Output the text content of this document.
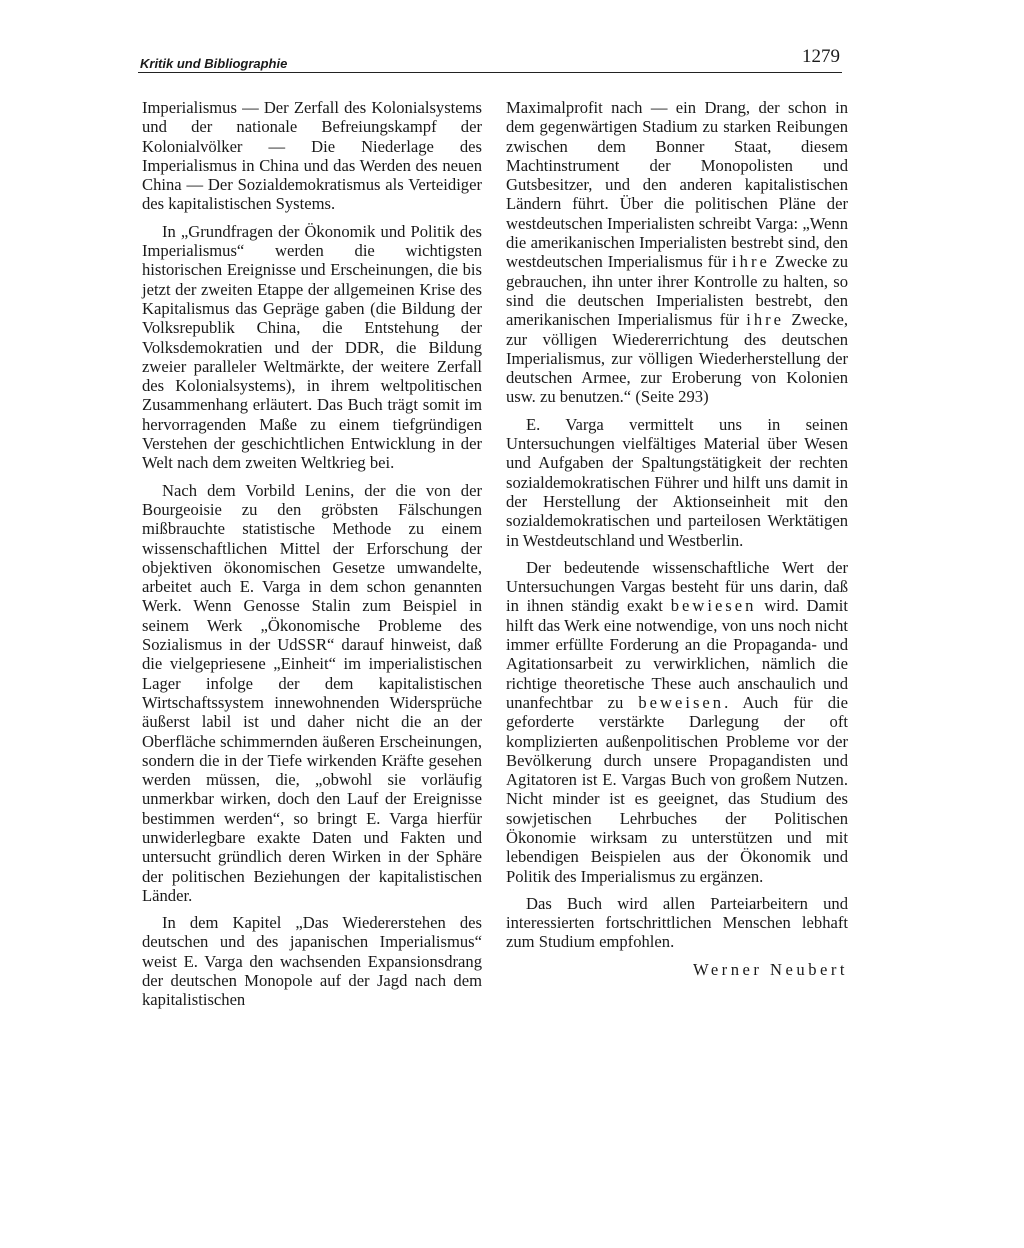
Kritik und Bibliographie	1279

Imperialismus — Der Zerfall des Kolonialsystems und der nationale Befreiungskampf der Kolonialvölker — Die Niederlage des Imperialismus in China und das Werden des neuen China — Der Sozialdemokratismus als Verteidiger des kapitalistischen Systems.

In „Grundfragen der Ökonomik und Politik des Imperialismus“ werden die wichtigsten historischen Ereignisse und Erscheinungen, die bis jetzt der zweiten Etappe der allgemeinen Krise des Kapitalismus das Gepräge gaben (die Bildung der Volksrepublik China, die Entstehung der Volksdemokratien und der DDR, die Bildung zweier paralleler Weltmärkte, der weitere Zerfall des Kolonialsystems), in ihrem weltpolitischen Zusammenhang erläutert. Das Buch trägt somit im hervorragenden Maße zu einem tiefgründigen Verstehen der geschichtlichen Entwicklung in der Welt nach dem zweiten Weltkrieg bei.

Nach dem Vorbild Lenins, der die von der Bourgeoisie zu den gröbsten Fälschungen mißbrauchte statistische Methode zu einem wissenschaftlichen Mittel der Erforschung der objektiven ökonomischen Gesetze umwandelte, arbeitet auch E. Varga in dem schon genannten Werk. Wenn Genosse Stalin zum Beispiel in seinem Werk „Ökonomische Probleme des Sozialismus in der UdSSR“ darauf hinweist, daß die vielgepriesene „Einheit“ im imperialistischen Lager infolge der dem kapitalistischen Wirtschaftssystem innewohnenden Widersprüche äußerst labil ist und daher nicht die an der Oberfläche schimmernden äußeren Erscheinungen, sondern die in der Tiefe wirkenden Kräfte gesehen werden müssen, die, „obwohl sie vorläufig unmerkbar wirken, doch den Lauf der Ereignisse bestimmen werden“, so bringt E. Varga hierfür unwiderlegbare exakte Daten und Fakten und untersucht gründlich deren Wirken in der Sphäre der politischen Beziehungen der kapitalistischen Länder.

In dem Kapitel „Das Wiedererstehen des deutschen und des japanischen Imperialismus“ weist E. Varga den wachsenden Expansionsdrang der deutschen Monopole auf der Jagd nach dem kapitalistischen

Maximalprofit nach — ein Drang, der schon in dem gegenwärtigen Stadium zu starken Reibungen zwischen dem Bonner Staat, diesem Machtinstrument der Monopolisten und Gutsbesitzer, und den anderen kapitalistischen Ländern führt. Über die politischen Pläne der westdeutschen Imperialisten schreibt Varga: „Wenn die amerikanischen Imperialisten bestrebt sind, den westdeutschen Imperialismus für ihre Zwecke zu gebrauchen, ihn unter ihrer Kontrolle zu halten, so sind die deutschen Imperialisten bestrebt, den amerikanischen Imperialismus für ihre Zwecke, zur völligen Wiedererrichtung des deutschen Imperialismus, zur völligen Wiederherstellung der deutschen Armee, zur Eroberung von Kolonien usw. zu benutzen.“ (Seite 293)

E. Varga vermittelt uns in seinen Untersuchungen vielfältiges Material über Wesen und Aufgaben der Spaltungstätigkeit der rechten sozialdemokratischen Führer und hilft uns damit in der Herstellung der Aktionseinheit mit den sozialdemokratischen und parteilosen Werktätigen in Westdeutschland und Westberlin.

Der bedeutende wissenschaftliche Wert der Untersuchungen Vargas besteht für uns darin, daß in ihnen ständig exakt bewiesen wird. Damit hilft das Werk eine notwendige, von uns noch nicht immer erfüllte Forderung an die Propaganda- und Agitationsarbeit zu verwirklichen, nämlich die richtige theoretische These auch anschaulich und unanfechtbar zu beweisen. Auch für die geforderte verstärkte Darlegung der oft komplizierten außenpolitischen Probleme vor der Bevölkerung durch unsere Propagandisten und Agitatoren ist E. Vargas Buch von großem Nutzen. Nicht minder ist es geeignet, das Studium des sowjetischen Lehrbuches der Politischen Ökonomie wirksam zu unterstützen und mit lebendigen Beispielen aus der Ökonomik und Politik des Imperialismus zu ergänzen.

Das Buch wird allen Parteiarbeitern und interessierten fortschrittlichen Menschen lebhaft zum Studium empfohlen.

Werner Neubert
